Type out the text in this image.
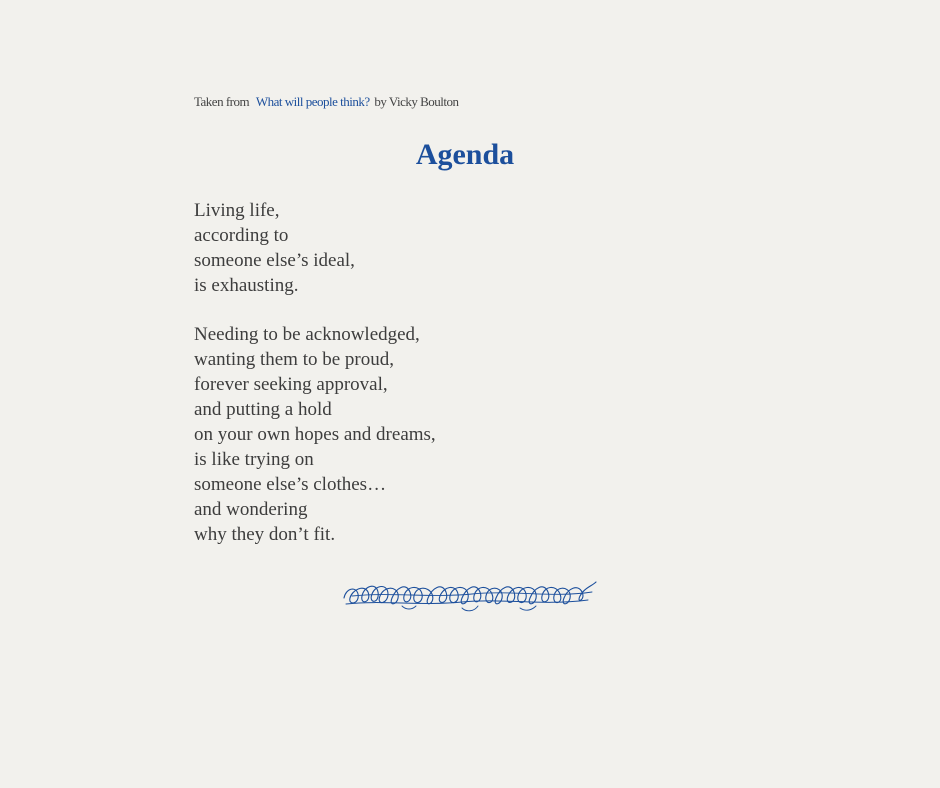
Taken from What will people think? by Vicky Boulton
Agenda
Living life,
according to
someone else’s ideal,
is exhausting.
Needing to be acknowledged,
wanting them to be proud,
forever seeking approval,
and putting a hold
on your own hopes and dreams,
is like trying on
someone else’s clothes…
and wondering
why they don’t fit.
